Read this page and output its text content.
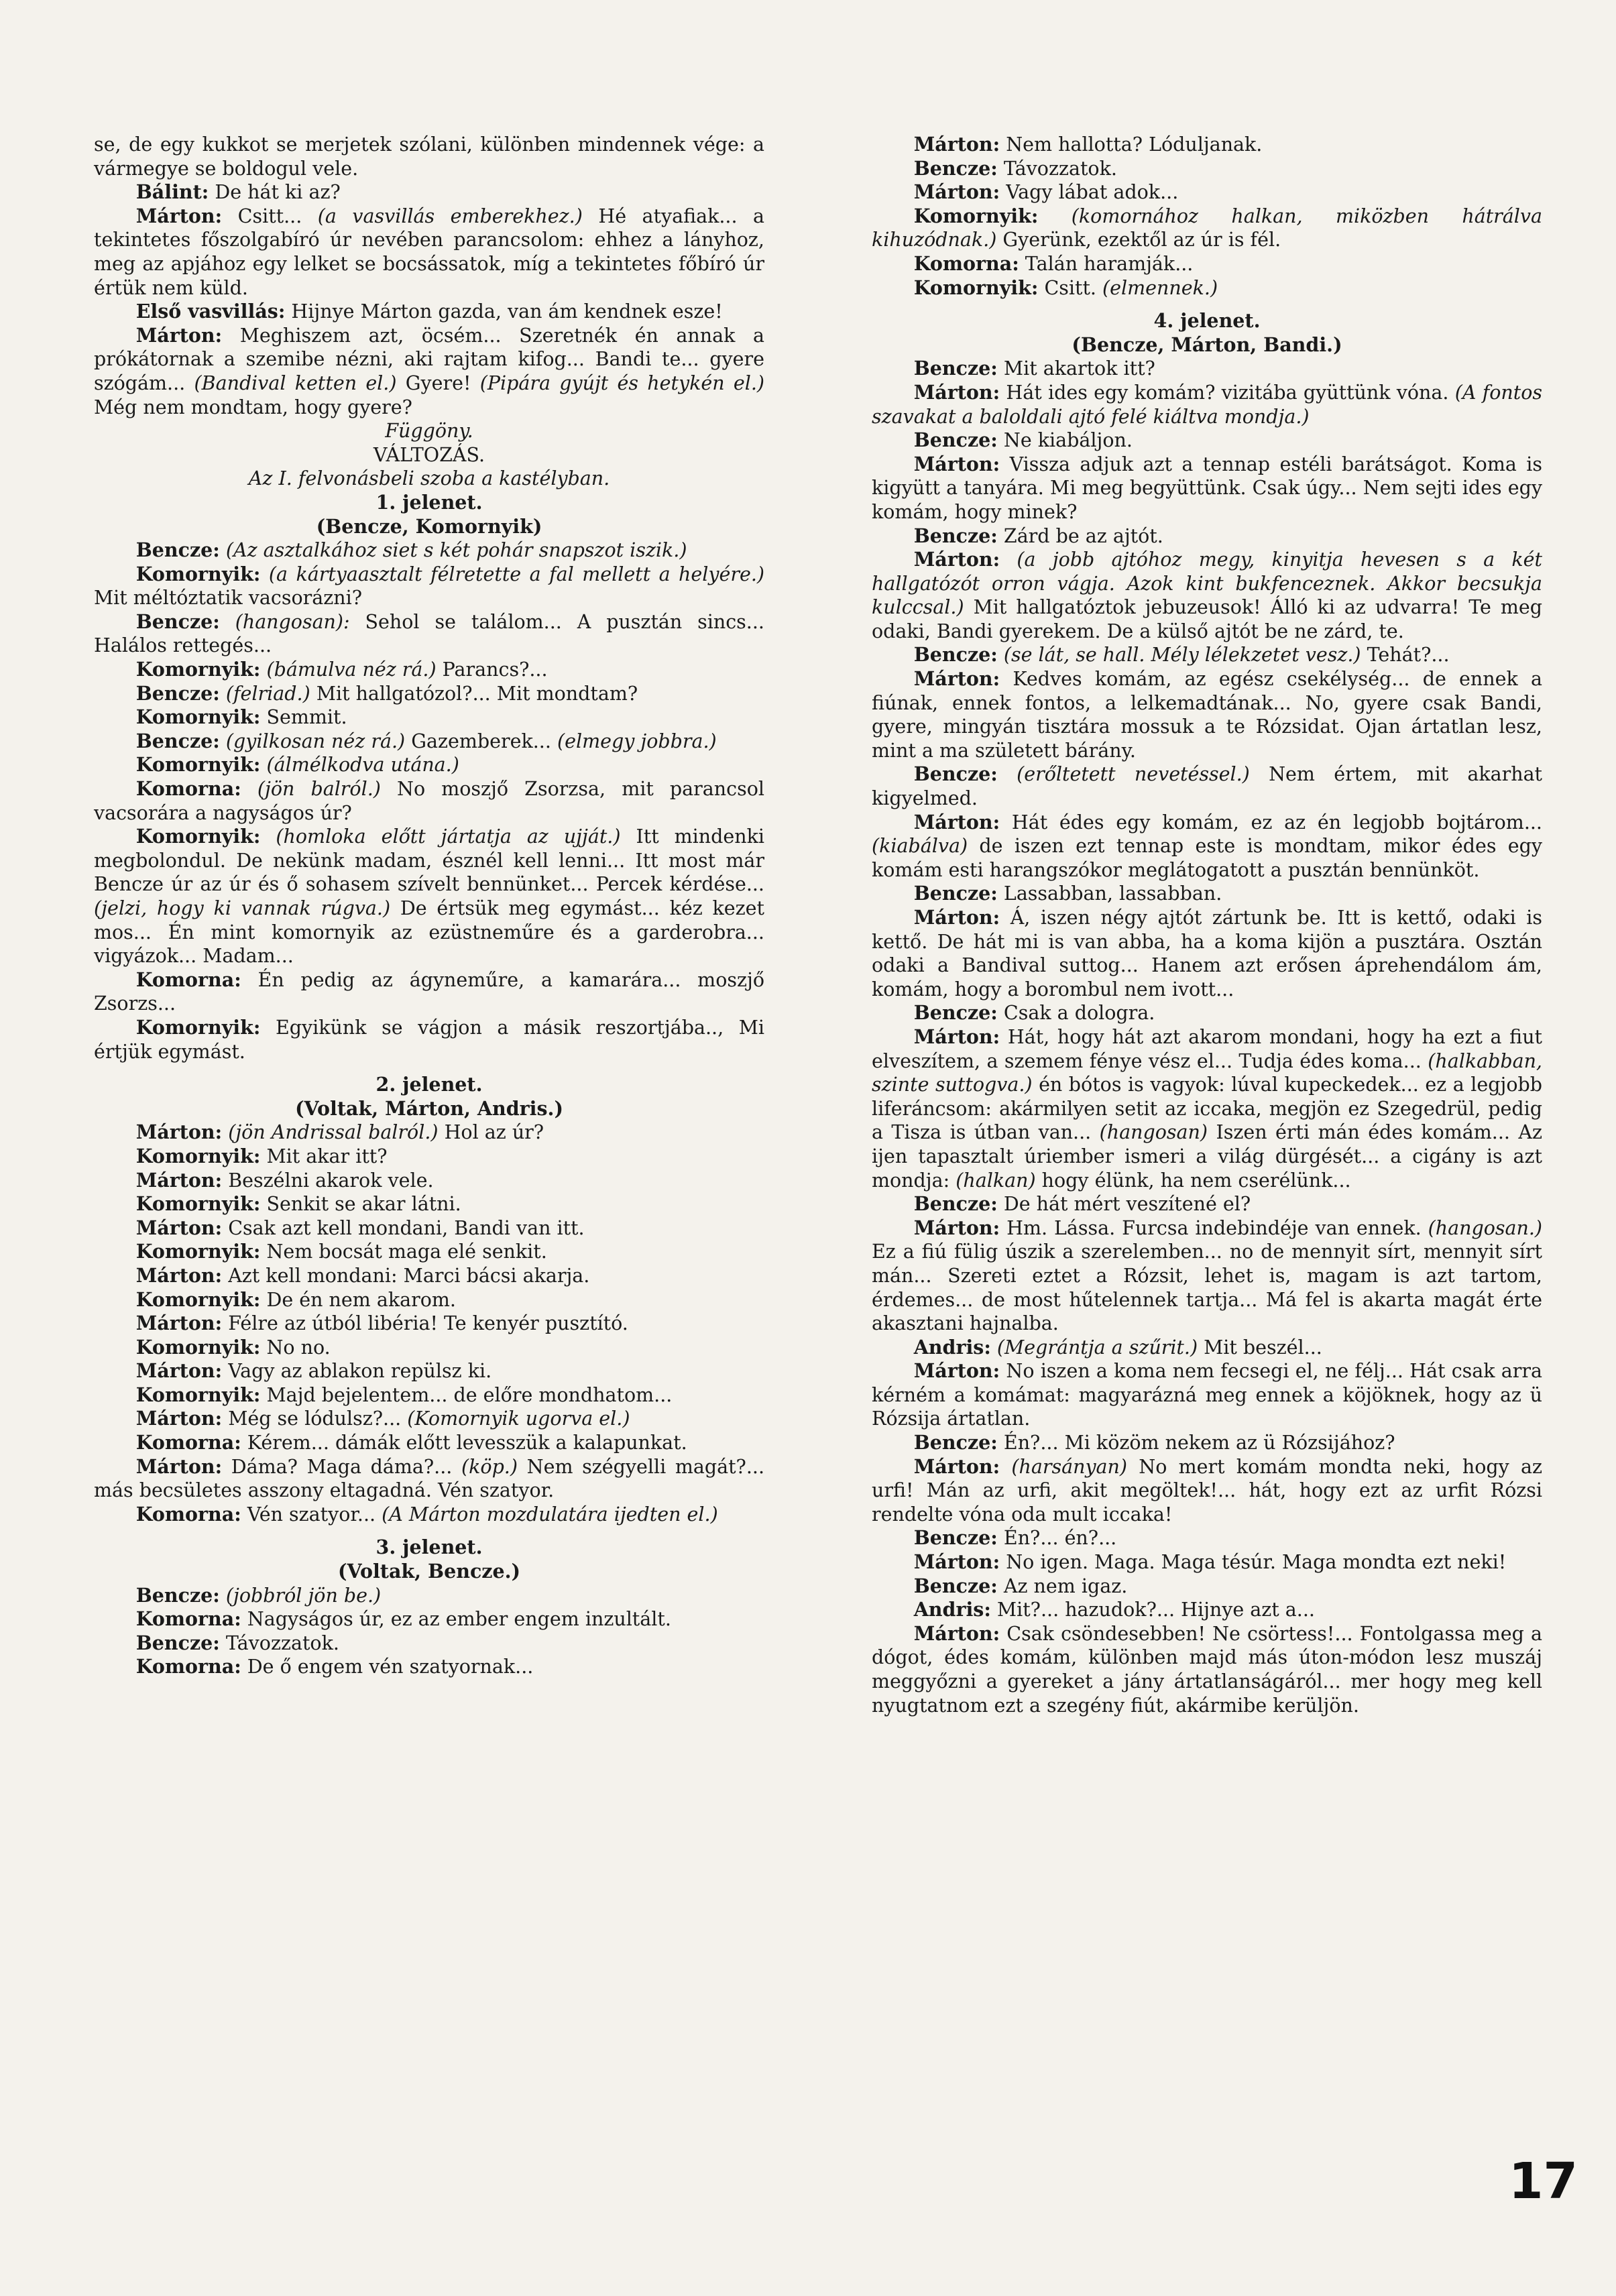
se, de egy kukkot se merjetek szólani, különben mindennek vége: a vármegye se boldogul vele.

Bálint: De hát ki az?

Márton: Csitt... (a vasvillás emberekhez.) Hé atyafiak... a tekintetes főszolgabíró úr nevében parancsolom: ehhez a lányhoz, meg az apjához egy lelket se bocsássatok, míg a tekintetes főbíró úr értük nem küld.

Első vasvillás: Hijnye Márton gazda, van ám kendnek esze!

Márton: Meghiszem azt, öcsém... Szeretnék én annak a prókátornak a szemibe nézni, aki rajtam kifog... Bandi te... gyere szógám... (Bandival ketten el.) Gyere! (Pipára gyújt és hetykén el.) Még nem mondtam, hogy gyere?

Függöny.

VÁLTOZÁS.

Az I. felvonásbeli szoba a kastélyban.

1. jelenet.

(Bencze, Komornyik)

Bencze: (Az asztalkához siet s két pohár snapszot iszik.)

Komornyik: (a kártyaasztalt félretette a fal mellett a helyére.) Mit méltóztatik vacsorázni?

Bencze: (hangosan): Sehol se találom... A pusztán sincs... Halálos rettegés...

Komornyik: (bámulva néz rá.) Parancs?...

Bencze: (felriad.) Mit hallgatózol?... Mit mondtam?

Komornyik: Semmit.

Bencze: (gyilkosan néz rá.) Gazemberek... (elmegy jobbra.)

Komornyik: (álmélkodva utána.)

Komorna: (jön balról.) No moszjő Zsorzsa, mit parancsol vacsorára a nagyságos úr?

Komornyik: (homloka előtt jártatja az ujját.) Itt mindenki megbolondul. De nekünk madam, észnél kell lenni... Itt most már Bencze úr az úr és ő sohasem szívelt bennünket... Percek kérdése... (jelzi, hogy ki vannak rúgva.) De értsük meg egymást... kéz kezet mos... Én mint komornyik az ezüstneműre és a garderobra... vigyázok... Madam...

Komorna: Én pedig az ágyneműre, a kamarára... moszjő Zsorzs...

Komornyik: Egyikünk se vágjon a másik reszortjába.., Mi értjük egymást.

2. jelenet.

(Voltak, Márton, Andris.)

Márton: (jön Andrissal balról.) Hol az úr?

Komornyik: Mit akar itt?

Márton: Beszélni akarok vele.

Komornyik: Senkit se akar látni.

Márton: Csak azt kell mondani, Bandi van itt.

Komornyik: Nem bocsát maga elé senkit.

Márton: Azt kell mondani: Marci bácsi akarja.

Komornyik: De én nem akarom.

Márton: Félre az útból libéria! Te kenyér pusztító.

Komornyik: No no.

Márton: Vagy az ablakon repülsz ki.

Komornyik: Majd bejelentem... de előre mondhatom...

Márton: Még se lódulsz?... (Komornyik ugorva el.)

Komorna: Kérem... dámák előtt levesszük a kalapunkat.

Márton: Dáma? Maga dáma?... (köp.) Nem szégyelli magát?... más becsületes asszony eltagadná. Vén szatyor.

Komorna: Vén szatyor... (A Márton mozdulatára ijedten el.)

3. jelenet.

(Voltak, Bencze.)

Bencze: (jobbról jön be.)

Komorna: Nagyságos úr, ez az ember engem inzultált.

Bencze: Távozzatok.

Komorna: De ő engem vén szatyornak...

Márton: Nem hallotta? Lóduljanak.

Bencze: Távozzatok.

Márton: Vagy lábat adok...

Komornyik: (komornához halkan, miközben hátrálva kihuzódnak.) Gyerünk, ezektől az úr is fél.

Komorna: Talán haramják...

Komornyik: Csitt. (elmennek.)

4. jelenet.

(Bencze, Márton, Bandi.)

Bencze: Mit akartok itt?

Márton: Hát ides egy komám? vizitába gyüttünk vóna. (A fontos szavakat a baloldali ajtó felé kiáltva mondja.)

Bencze: Ne kiabáljon.

Márton: Vissza adjuk azt a tennap estéli barátságot. Koma is kigyütt a tanyára. Mi meg begyüttünk. Csak úgy... Nem sejti ides egy komám, hogy minek?

Bencze: Zárd be az ajtót.

Márton: (a jobb ajtóhoz megy, kinyitja hevesen s a két hallgatózót orron vágja. Azok kint bukfenceznek. Akkor becsukja kulccsal.) Mit hallgatóztok jebuzeusok! Álló ki az udvarra! Te meg odaki, Bandi gyerekem. De a külső ajtót be ne zárd, te.

Bencze: (se lát, se hall. Mély lélekzetet vesz.) Tehát?...

Márton: Kedves komám, az egész csekélység... de ennek a fiúnak, ennek fontos, a lelkemadtának... No, gyere csak Bandi, gyere, mingyán tisztára mossuk a te Rózsidat. Ojan ártatlan lesz, mint a ma született bárány.

Bencze: (erőltetett nevetéssel.) Nem értem, mit akarhat kigyelmed.

Márton: Hát édes egy komám, ez az én legjobb bojtárom... (kiabálva) de iszen ezt tennap este is mondtam, mikor édes egy komám esti harangszókor meglátogatott a pusztán bennünköt.

Bencze: Lassabban, lassabban.

Márton: Á, iszen négy ajtót zártunk be. Itt is kettő, odaki is kettő. De hát mi is van abba, ha a koma kijön a pusztára. Osztán odaki a Bandival suttog... Hanem azt erősen áprehendálom ám, komám, hogy a borombul nem ivott...

Bencze: Csak a dologra.

Márton: Hát, hogy hát azt akarom mondani, hogy ha ezt a fiut elveszítem, a szemem fénye vész el... Tudja édes koma... (halkabban, szinte suttogva.) én bótos is vagyok: lúval kupeckedek... ez a legjobb liferáncsom: akármilyen setit az iccaka, megjön ez Szegedrül, pedig a Tisza is útban van... (hangosan) Iszen érti mán édes komám... Az ijen tapasztalt úriember ismeri a világ dürgését... a cigány is azt mondja: (halkan) hogy élünk, ha nem cserélünk...

Bencze: De hát mért veszítené el?

Márton: Hm. Lássa. Furcsa indebindéje van ennek. (hangosan.) Ez a fiú fülig úszik a szerelemben... no de mennyit sírt, mennyit sírt mán... Szereti eztet a Rózsit, lehet is, magam is azt tartom, érdemes... de most hűtelennek tartja... Má fel is akarta magát érte akasztani hajnalba.

Andris: (Megrántja a szűrit.) Mit beszél...

Márton: No iszen a koma nem fecsegi el, ne félj... Hát csak arra kérném a komámat: magyarázná meg ennek a köjöknek, hogy az ü Rózsija ártatlan.

Bencze: Én?... Mi közöm nekem az ü Rózsijához?

Márton: (harsányan) No mert komám mondta neki, hogy az urfi! Mán az urfi, akit megöltek!... hát, hogy ezt az urfit Rózsi rendelte vóna oda mult iccaka!

Bencze: Én?... én?...

Márton: No igen. Maga. Maga tésúr. Maga mondta ezt neki!

Bencze: Az nem igaz.

Andris: Mit?... hazudok?... Hijnye azt a...

Márton: Csak csöndesebben! Ne csörtess!... Fontolgassa meg a dógot, édes komám, különben majd más úton-módon lesz muszáj meggyőzni a gyereket a jány ártatlanságáról... mer hogy meg kell nyugtatnom ezt a szegény fiút, akármibe kerüljön.

17
